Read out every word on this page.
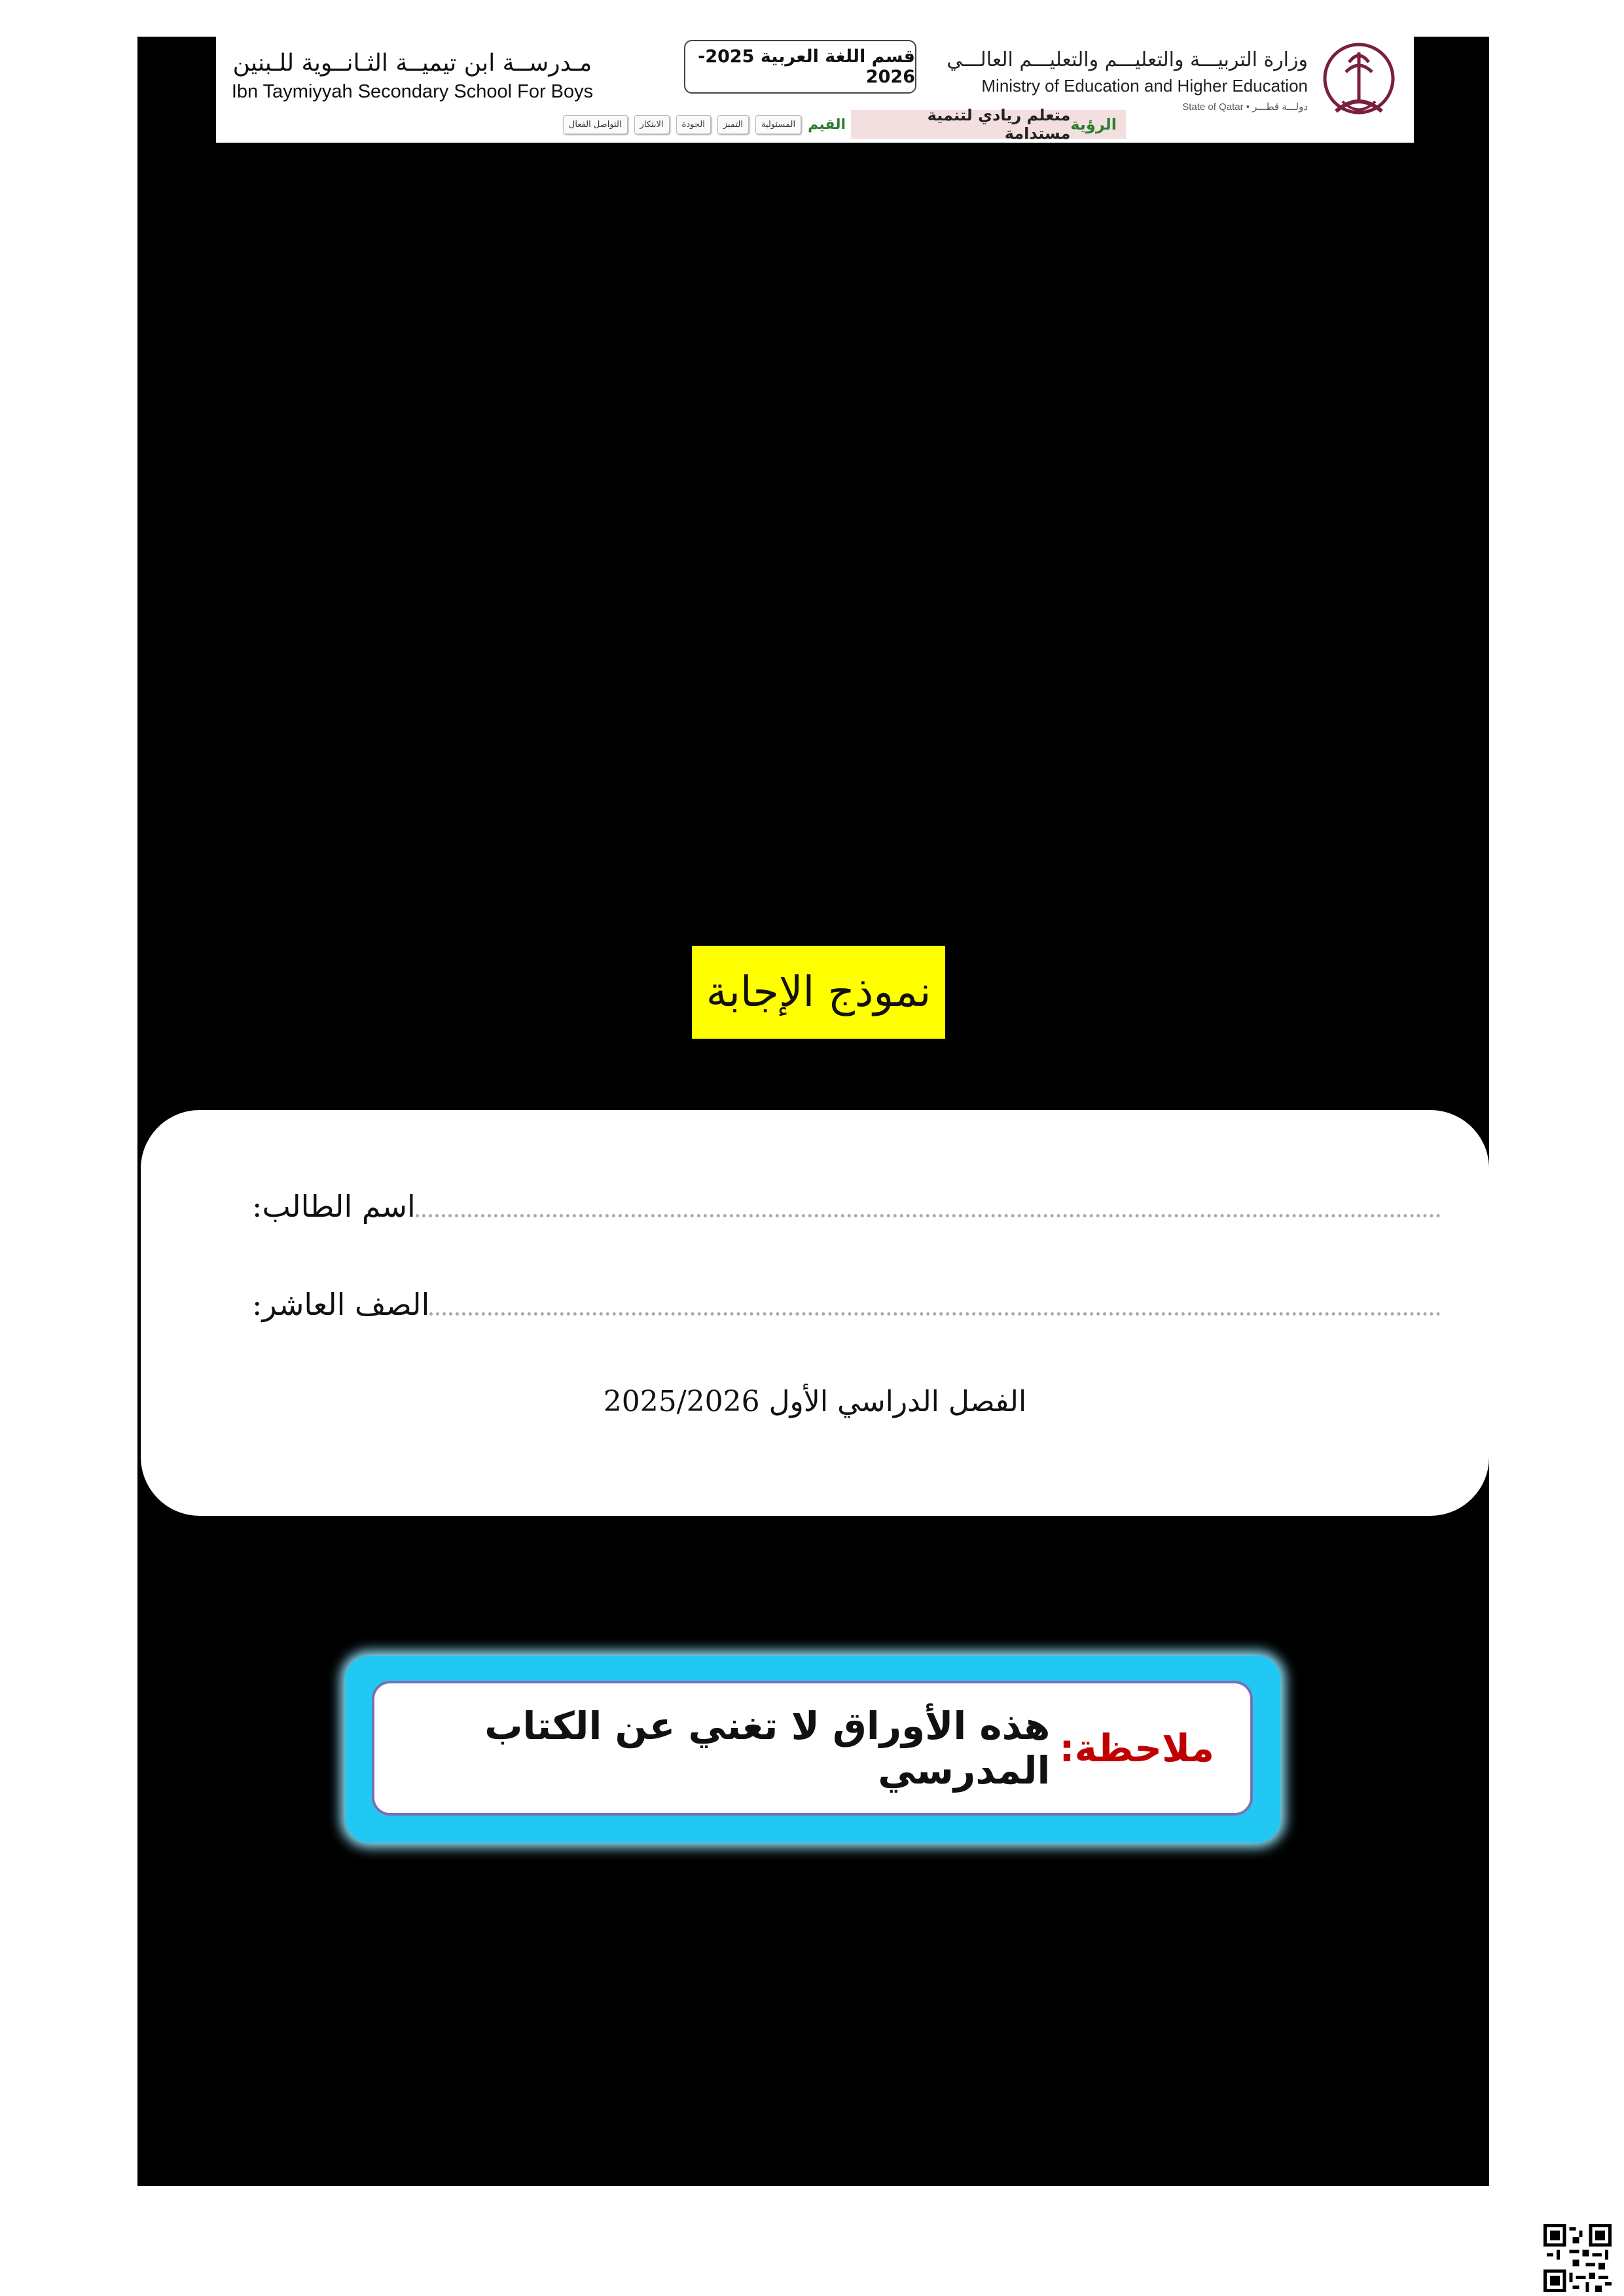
وزارة التربيـــة والتعليـــم والتعليـــم العالـــي
Ministry of Education and Higher Education
State of Qatar • دولـــة قطـــر
قسم اللغة العربية 2025-2026
مـدرســة ابن تيميــة الثـانــوية للـبنين
Ibn Taymiyyah Secondary School For Boys
الرؤية
متعلم ريادي لتنمية مستدامة
القيم
المسئولية
التميز
الجودة
الابتكار
التواصل الفعال
نموذج الإجابة
اسم الطالب:
الصف العاشر:
الفصل الدراسي الأول 2025/2026
ملاحظة:
هذه الأوراق لا تغني عن الكتاب المدرسي
